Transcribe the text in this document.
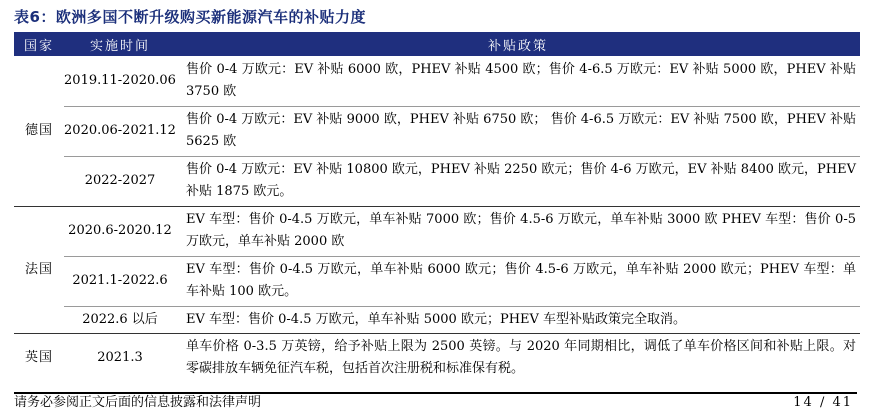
表6：欧洲多国不断升级购买新能源汽车的补贴力度
国家	实施时间	补贴政策
德国	2019.11-2020.06	售价 0-4 万欧元：EV 补贴 6000 欧，PHEV 补贴 4500 欧；售价 4-6.5 万欧元：EV 补贴 5000 欧，PHEV 补贴 3750 欧
	2020.06-2021.12	售价 0-4 万欧元：EV 补贴 9000 欧，PHEV 补贴 6750 欧； 售价 4-6.5 万欧元：EV 补贴 7500 欧，PHEV 补贴 5625 欧
	2022-2027	售价 0-4 万欧元：EV 补贴 10800 欧元，PHEV 补贴 2250 欧元；售价 4-6 万欧元，EV 补贴 8400 欧元，PHEV 补贴 1875 欧元。
法国	2020.6-2020.12	EV 车型：售价 0-4.5 万欧元，单车补贴 7000 欧；售价 4.5-6 万欧元，单车补贴 3000 欧 PHEV 车型：售价 0-5 万欧元，单车补贴 2000 欧
	2021.1-2022.6	EV 车型：售价 0-4.5 万欧元，单车补贴 6000 欧元；售价 4.5-6 万欧元，单车补贴 2000 欧元；PHEV 车型：单车补贴 100 欧元。
	2022.6 以后	EV 车型：售价 0-4.5 万欧元，单车补贴 5000 欧元；PHEV 车型补贴政策完全取消。
英国	2021.3	单车价格 0-3.5 万英镑，给予补贴上限为 2500 英镑。与 2020 年同期相比，调低了单车价格区间和补贴上限。对零碳排放车辆免征汽车税，包括首次注册税和标准保有税。
请务必参阅正文后面的信息披露和法律声明	14 / 41
